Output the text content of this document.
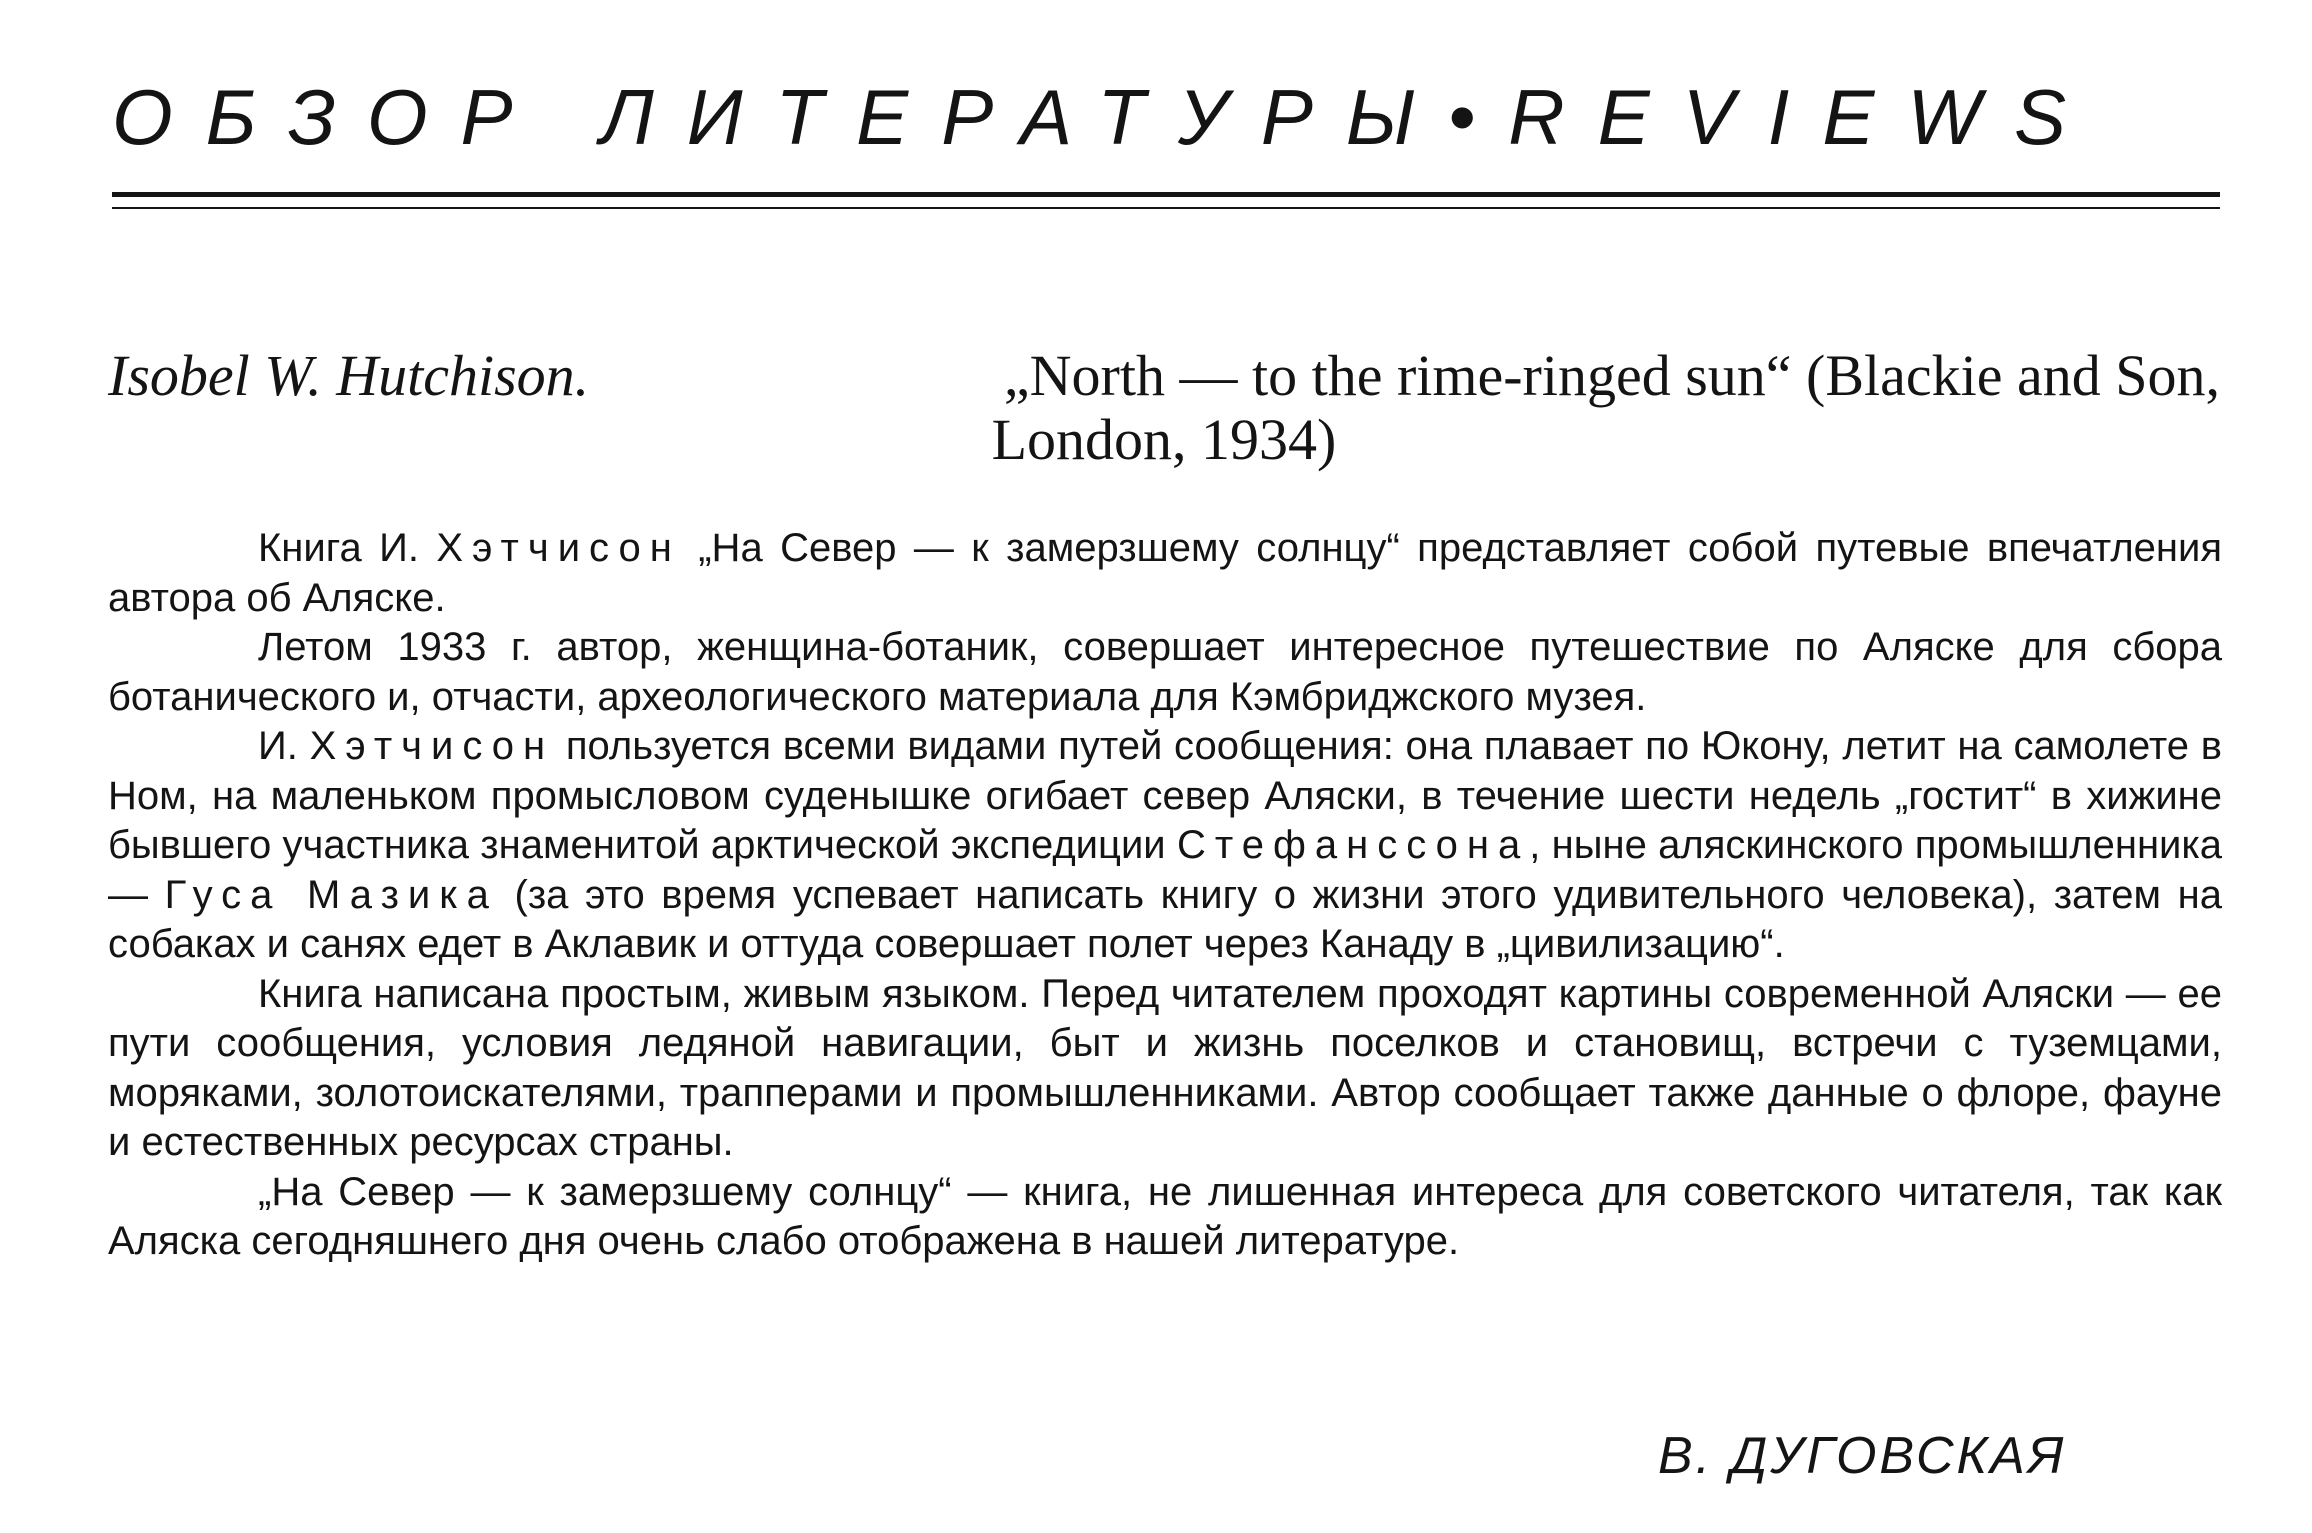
ОБЗОР ЛИТЕРАТУРЫ•REVIEWS
Isobel W. Hutchison.	„North — to the rime-ringed sun“ (Blackie and Son,
London, 1934)

Книга И. Хэтчисон „На Север — к замерзшему солнцу“ представляет собой путевые впечатления автора об Аляске.

Летом 1933 г. автор, женщина-ботаник, совершает интересное путешествие по Аляске для сбора ботанического и, отчасти, археологического материала для Кэмбриджского музея.

И. Хэтчисон пользуется всеми видами путей сообщения: она плавает по Юкону, летит на самолете в Ном, на маленьком промысловом суденышке огибает север Аляски, в течение шести недель „гостит“ в хижине бывшего участника знаменитой арктической экспедиции Стефанссона, ныне аляскинского промышленника — Гуса Мазика (за это время успевает написать книгу о жизни этого удивительного человека), затем на собаках и санях едет в Аклавик и оттуда совершает полет через Канаду в „цивилизацию“.

Книга написана простым, живым языком. Перед читателем проходят картины современной Аляски — ее пути сообщения, условия ледяной навигации, быт и жизнь поселков и становищ, встречи с туземцами, моряками, золотоискателями, трапперами и промышленниками. Автор сообщает также данные о флоре, фауне и естественных ресурсах страны.

„На Север — к замерзшему солнцу“ — книга, не лишенная интереса для советского читателя, так как Аляска сегодняшнего дня очень слабо отображена в нашей литературе.

В. ДУГОВСКАЯ
